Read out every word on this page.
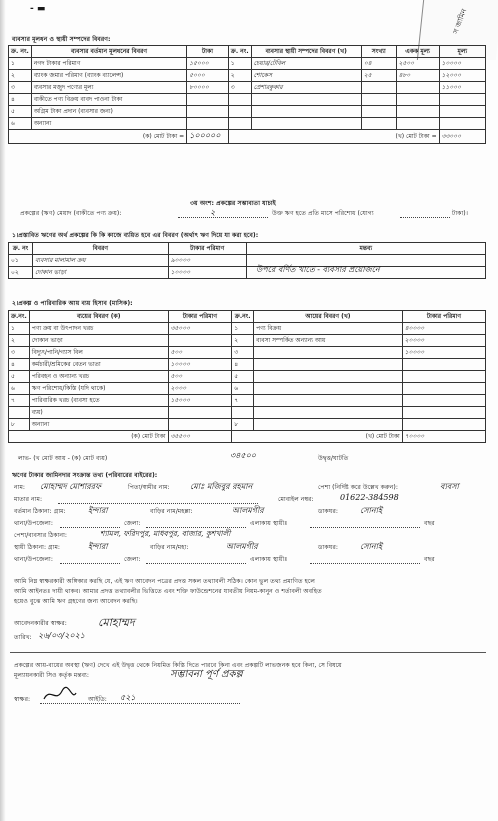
স জামিন
- ▬
ব্যবসার মূলধন ও স্থায়ী সম্পদের বিবরণ:
ক্র. নং.	ব্যবসার বর্তমান মূলধনের বিবরণ	টাকা	ক্র. নং.	ব্যবসার স্থায়ী সম্পদের বিবরণ (খ)	সংখ্যা	একক মূল্য	মূল্য
১	নগদ টাকার পরিমাণ	১৫০০০	১	চেয়ার/টেবিল	০৪	২৫০০	১০০০০
২	ব্যাংক জমার পরিমাণ (ব্যাংক ব্যালেন্স)	৫০০০	২	শোকেস	২৫	৪৮০	১২০০০
৩	ব্যবসার মজুদ পণ্যের মূল্য	৮০০০০	৩	প্রেশারকুকার			১১০০০
৪	বাকীতে পণ্য বিক্রয় বাবদ পাওনা টাকা						
৫	অগ্রিম টাকা প্রদান (ব্যবসার জন্য)						
৬	অন্যান্য						
(ক) মোট টাকা =		১০০০০০	(খ) মোট টাকা =				৩৩০০০
৩য় অংশ: প্রকল্পের সম্ভাব্যতা যাচাই
প্রকল্পের (ঋণ) মেয়াদ (বাকীতে পণ্য ক্রয়):	২	উক্ত ঋণ হতে প্রতি মাসে পরিশোধ (যোগ্য	টাকা)।
১।প্রস্তাবিত ঋণের অর্থ প্রকল্পের কি কি কাজে ব্যয়িত হবে এর বিবরণ (অর্থাৎ ঋণ দিয়ে যা করা হবে):
ক্র. নং	বিবরণ	টাকার পরিমাণ	মন্তব্য
০১	ব্যবসার মালামাল ক্রয়	৯০০০০	
০২	দোকান ভাড়া	১০০০০		উপরে বর্ণিত খাতে - ব্যবসার প্রয়োজনে
২।প্রকল্প ও পারিবারিক আয় ব্যয় হিসাব (মাসিক):
ক্র.নং.	ব্যয়ের বিবরণ (ক)	টাকার পরিমাণ	ক্র.নং.	আয়ের বিবরণ (খ)	টাকার পরিমাণ
১	পণ্য ক্রয় বা উৎপাদন খরচ	৩৫০০০	১	পণ্য বিক্রয়	৪০০০০
২	দোকান ভাড়া		২	ব্যবসা সম্পর্কিত অন্যান্য আয়	২০০০০
৩	বিদ্যুৎ/পানি/গ্যাস বিল	৫০০	৩		১০০০০
৪	কর্মচারী/শ্রমিকের বেতন ভাতা	১০০০০	৪		
৫	পরিবহন ও অন্যান্য খরচ	৫০০	৫		
৬	ঋণ পরিশোধ/কিস্তি (যদি থাকে)	২০০০	৬		
৭	পারিবারিক খরচ (ব্যবসা হতে	১৫০০০	৭		
	ব্যয়)				
৮	অন্যান্য		৮		
(ক) মোট টাকা		৩৫৫০০	(খ) মোট টাকা		৭০০০০
লাভ- (খ মোট আয় - (ক) মোট ব্যয়)	৩৪৫০০	উদ্বৃত্ত/ঘাটতি
ঋণের টাকার জামিনদার সংক্রান্ত তথ্য (পরিবারের বাইরের):
নাম: মোহাম্মদ মোশাররফ	পিতা/স্বামীর নাম:	মোঃ মজিবুর রহমান	পেশা (নির্দিষ্ট করে উল্লেখ করুন):	ব্যবসা
মাতার নাম:	মোবাইল নম্বর:	01622-384598
বর্তমান ঠিকানা: গ্রাম:	ইন্দারা	বাড়ির নাম/মহল্লা:	আলমগীর	ডাকঘর:	সোনাই
থানা/উপজেলা:	জেলা:	এলাকায় স্থায়ীঃ	বছর
পেশা/ব্যবসার ঠিকানা:	শ্যামল, ফরিদপুর, মাধবপুর, বাজার, কুশখালী
স্থায়ী ঠিকানা: গ্রাম:	ইন্দারা	বাড়ির নাম/মহা:	আলমগীর	ডাকঘর:	সোনাই
থানা/উপজেলা:	জেলা:	এলাকায় স্থায়ীঃ	বছর
আমি নিম্ন স্বাক্ষরকারী অঙ্গিকার করছি যে, এই ঋণ আবেদন পত্রের প্রদত্ত সকল তথ্যাবলী সঠিক। কোন ভুল তথ্য প্রমাণিত হলে
আমি আইনতঃ দায়ী থাকব। আমার প্রদত্ত তথ্যাবলীর ভিত্তিতে এবং শক্তি ফাউন্ডেশনের যাবতীয় নিয়ম-কানুন ও শর্তাবলী অবহিত
হয়েও বুঝে আমি ঋণ গ্রহণের জন্য আবেদন করছি।
আবেদনকারীর স্বাক্ষর:	মোহাম্মদ
তারিখ: ২৬/০৩/২০২১
প্রকল্পের আয়-ব্যয়ের অবস্থা (ঋণ) দেখে এই উদ্বৃত্ত থেকে নিয়মিত কিস্তি দিতে পারবে কিনা এবং প্রকল্পটি লাভজনক হবে কিনা, সে বিষয়ে
মূল্যায়নকারী সিও কর্তৃক মন্তব্য:	সম্ভাবনা পূর্ণ প্রকল্প
স্বাক্ষর:	আইডি: ৫২১
